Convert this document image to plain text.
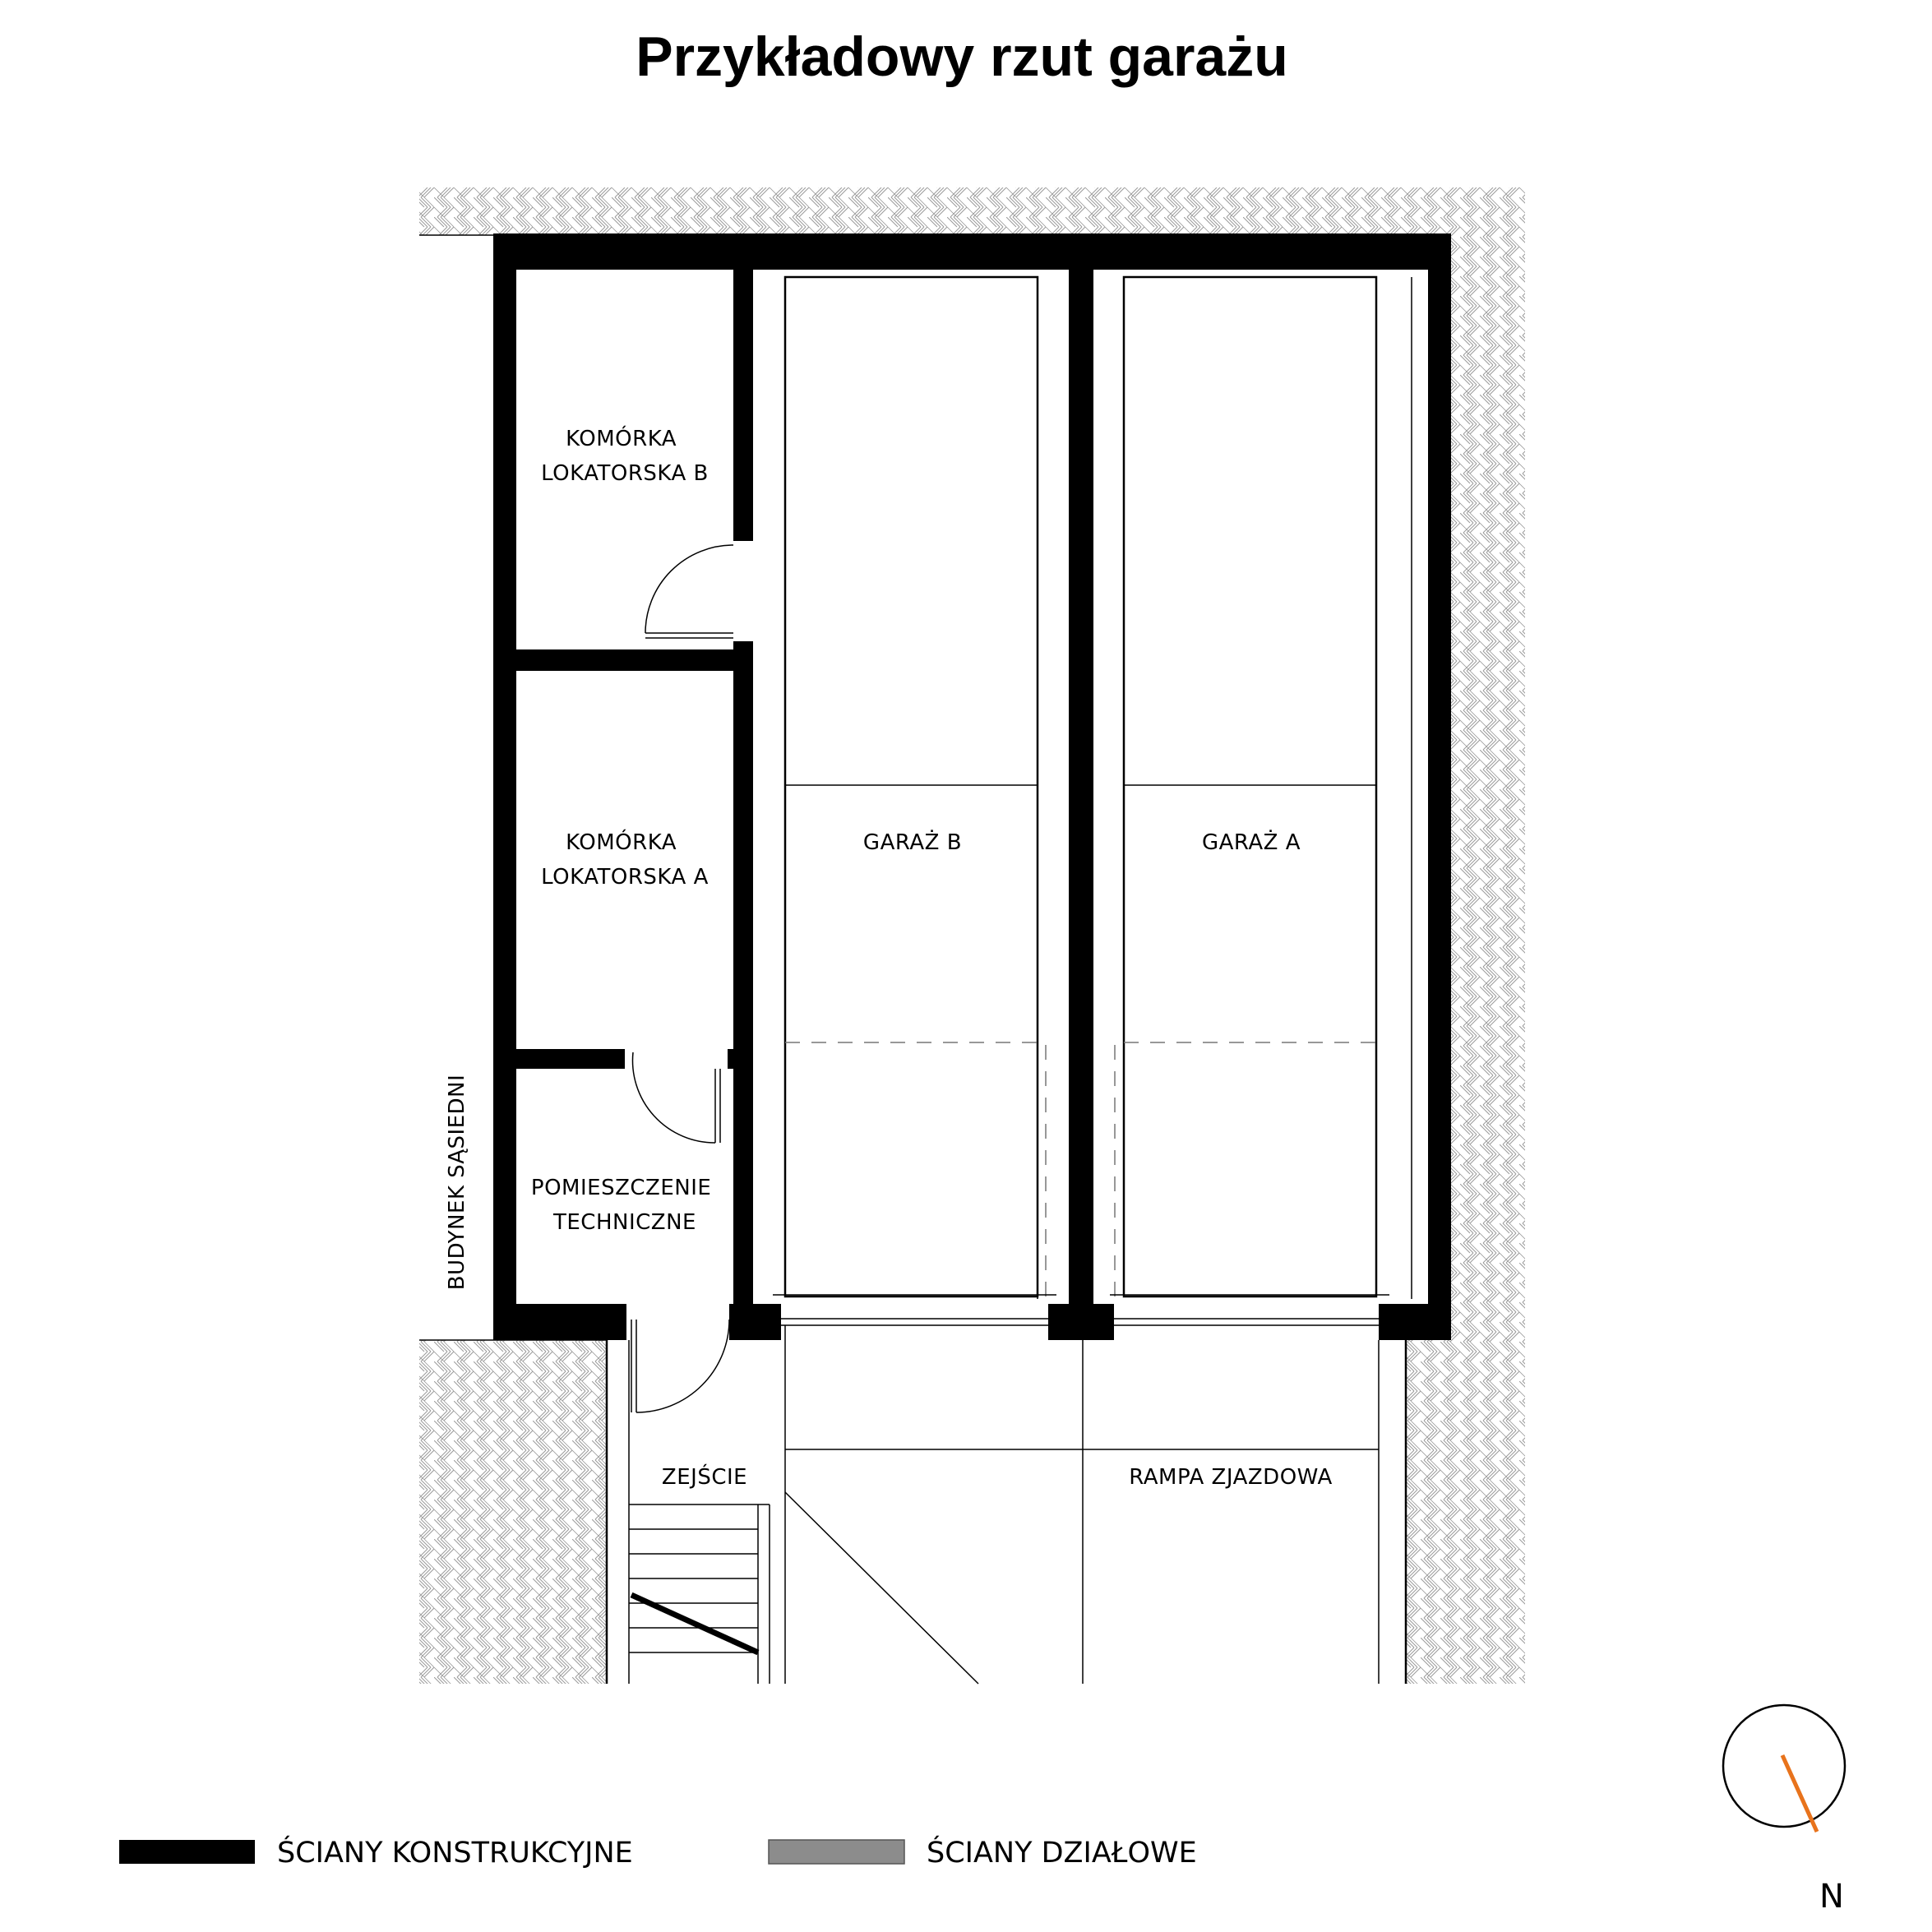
Przykładowy rzut garażu
KOMÓRKA LOKATORSKA B
KOMÓRKA LOKATORSKA A
POMIESZCZENIE TECHNICZNE
GARAŻ B	GARAŻ A
ZEJŚCIE	RAMPA ZJAZDOWA
BUDYNEK SĄSIEDNI
ŚCIANY KONSTRUKCYJNE	ŚCIANY DZIAŁOWE
N
